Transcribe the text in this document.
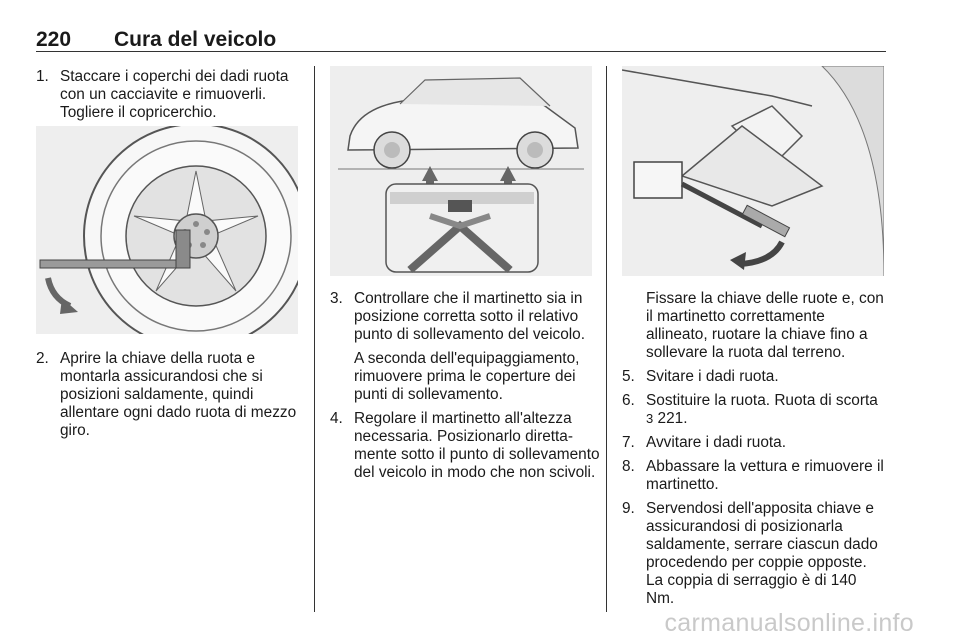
220 Cura del veicolo
1. Staccare i coperchi dei dadi ruota con un cacciavite e rimuoverli. Togliere il copricerchio.
2. Aprire la chiave della ruota e montarla assicurandosi che si posizioni saldamente, quindi allentare ogni dado ruota di mezzo giro.
3. Controllare che il martinetto sia in posizione corretta sotto il relativo punto di sollevamento del veicolo.
A seconda dell'equipaggiamento, rimuovere prima le coperture dei punti di sollevamento.
4. Regolare il martinetto all'altezza necessaria. Posizionarlo direttamente sotto il punto di sollevamento del veicolo in modo che non scivoli.
Fissare la chiave delle ruote e, con il martinetto correttamente allineato, ruotare la chiave fino a sollevare la ruota dal terreno.
5. Svitare i dadi ruota.
6. Sostituire la ruota. Ruota di scorta
3 221.
7. Avvitare i dadi ruota.
8. Abbassare la vettura e rimuovere il martinetto.
9. Servendosi dell'apposita chiave e assicurandosi di posizionarla saldamente, serrare ciascun dado procedendo per coppie opposte. La coppia di serraggio è di 140 Nm.
carmanualsonline.info
